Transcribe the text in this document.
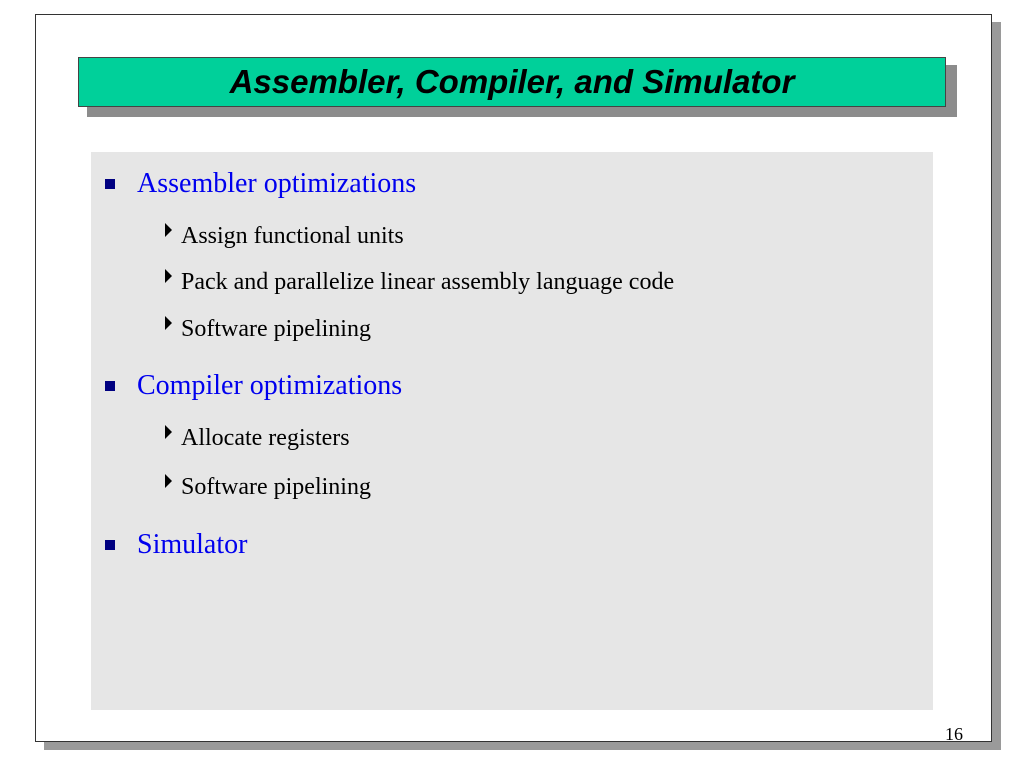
Assembler, Compiler, and Simulator
Assembler optimizations
Assign functional units
Pack and parallelize linear assembly language code
Software pipelining
Compiler optimizations
Allocate registers
Software pipelining
Simulator
16
